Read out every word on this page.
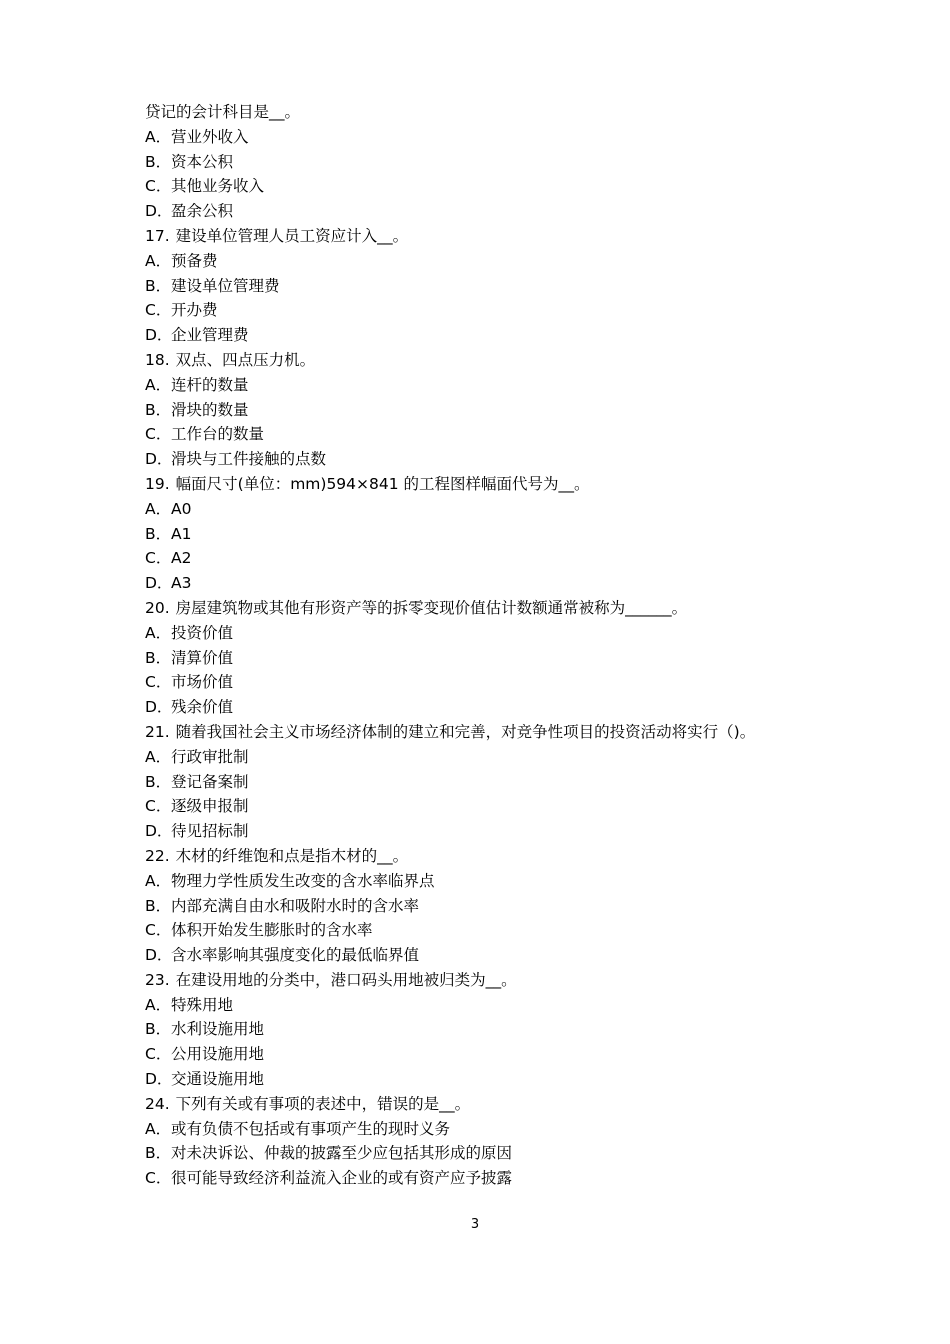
贷记的会计科目是__。
A．营业外收入
B．资本公积
C．其他业务收入
D．盈余公积
17. 建设单位管理人员工资应计入__。
A．预备费
B．建设单位管理费
C．开办费
D．企业管理费
18. 双点、四点压力机。
A．连杆的数量
B．滑块的数量
C．工作台的数量
D．滑块与工件接触的点数
19. 幅面尺寸(单位：mm)594×841 的工程图样幅面代号为__。
A．A0
B．A1
C．A2
D．A3
20. 房屋建筑物或其他有形资产等的拆零变现价值估计数额通常被称为______。
A．投资价值
B．清算价值
C．市场价值
D．残余价值
21. 随着我国社会主义市场经济体制的建立和完善，对竞争性项目的投资活动将实行（)。
A．行政审批制
B．登记备案制
C．逐级申报制
D．待见招标制
22. 木材的纤维饱和点是指木材的__。
A．物理力学性质发生改变的含水率临界点
B．内部充满自由水和吸附水时的含水率
C．体积开始发生膨胀时的含水率
D．含水率影响其强度变化的最低临界值
23. 在建设用地的分类中，港口码头用地被归类为__。
A．特殊用地
B．水利设施用地
C．公用设施用地
D．交通设施用地
24. 下列有关或有事项的表述中，错误的是__。
A．或有负债不包括或有事项产生的现时义务
B．对未决诉讼、仲裁的披露至少应包括其形成的原因
C．很可能导致经济利益流入企业的或有资产应予披露
3
